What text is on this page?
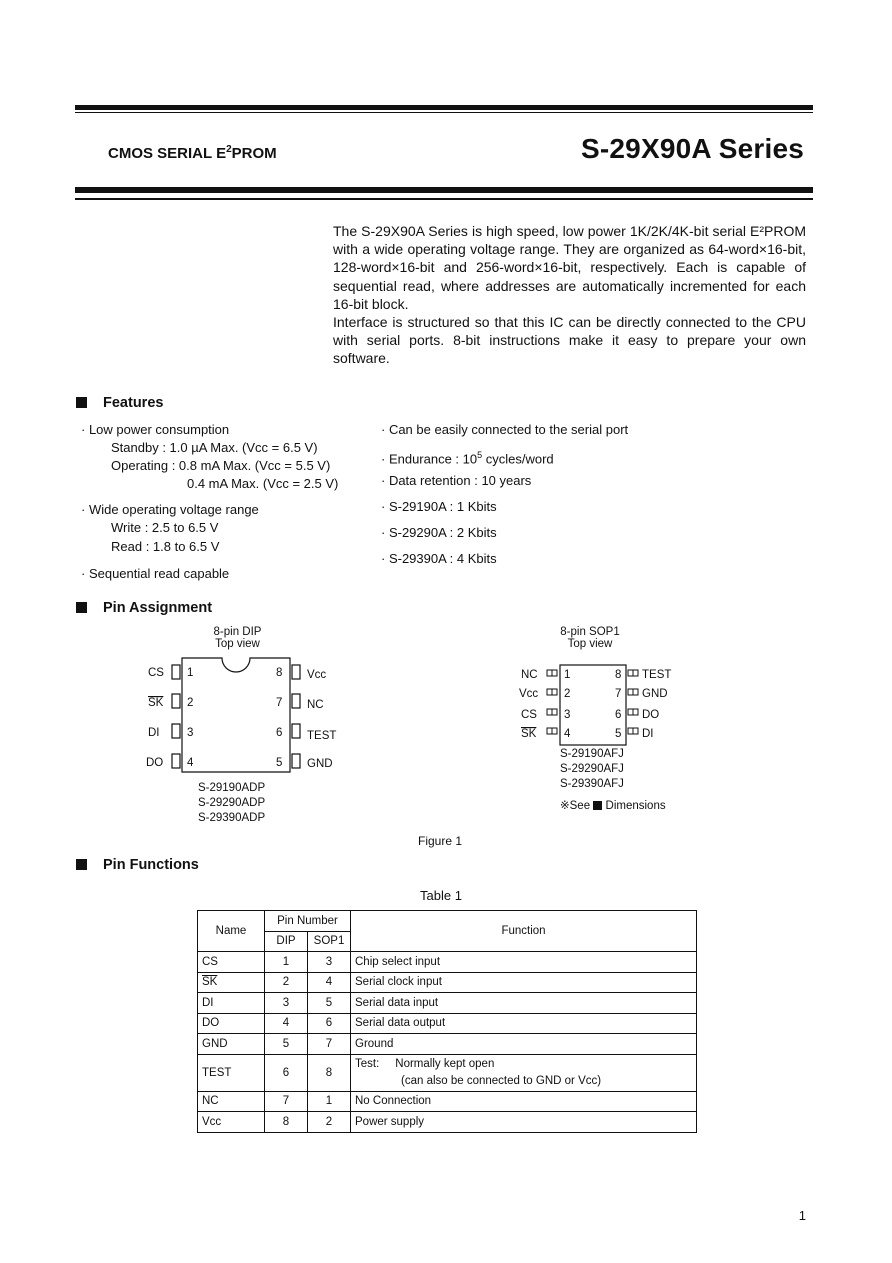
CMOS SERIAL $E^2PROM$	S-29X90A Series

The S-29X90A Series is high speed, low power 1K/2K/4K-bit serial E²PROM with a wide operating voltage range. They are organized as 64-word×16-bit, 128-word×16-bit and 256-word×16-bit, respectively. Each is capable of sequential read, where addresses are automatically incremented for each 16-bit block.

Interface is structured so that this IC can be directly connected to the CPU with serial ports. 8-bit instructions make it easy to prepare your own software.

Features
· Low power consumption
Standby : 1.0 µA Max. (Vcc = 6.5 V)
Operating : 0.8 mA Max. (Vcc = 5.5 V)
0.4 mA Max. (Vcc = 2.5 V)
· Wide operating voltage range
Write : 2.5 to 6.5 V
Read : 1.8 to 6.5 V
· Sequential read capable
· Can be easily connected to the serial port
· Endurance : $10^5$ cycles/word
· Data retention : 10 years
· S-29190A : 1 Kbits
· S-29290A : 2 Kbits
· S-29390A : 4 Kbits
Pin Assignment
8-pin DIP
Top view
CS
SK
DI
DO
1
2
3
4
8
7
6
5
Vcc
NC
TEST
GND
S-29190ADP
S-29290ADP
S-29390ADP
8-pin SOP1
Top view
NC
Vcc
CS
SK
1
2
3
4
8
7
6
5
TEST
GND
DO
DI
S-29190AFJ
S-29290AFJ
S-29390AFJ
※See Dimensions
Figure 1
Pin Functions
Table 1
Name	Pin Number		Function
	DIP	SOP1	
CS	1	3	Chip select input
$\overline{SK}$	2	4	Serial clock input
DI	3	5	Serial data input
DO	4	6	Serial data output
GND	5	7	Ground
TEST	6	8	Test:     Normally kept open
(can also be connected to GND or Vcc)

NC	7	1	No Connection
Vcc	8	2	Power supply
1
